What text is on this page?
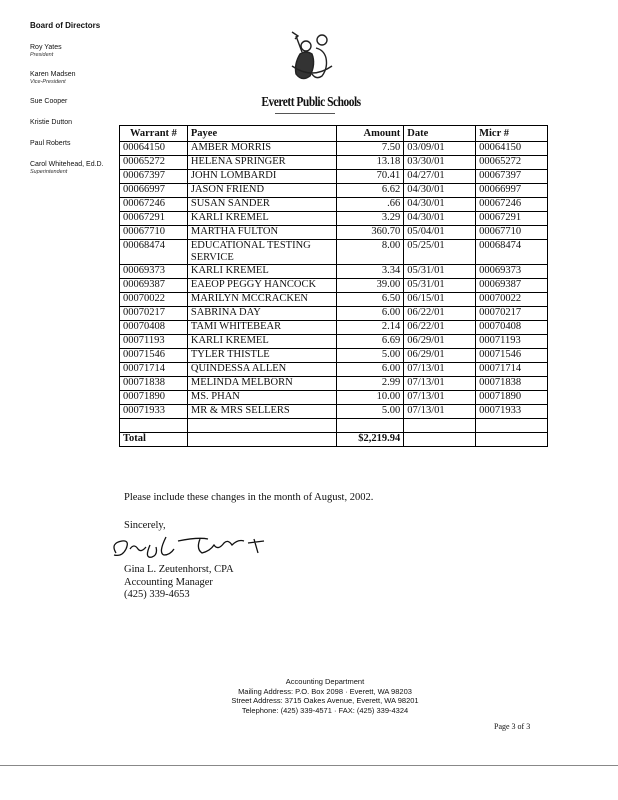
Board of Directors
Roy Yates
President
Karen Madsen
Vice-President
Sue Cooper
Kristie Dutton
Paul Roberts
Carol Whitehead, Ed.D.
Superintendent
Everett Public Schools
Warrant #	Payee	Amount	Date	Micr #
00064150	AMBER MORRIS	7.50	03/09/01	00064150
00065272	HELENA SPRINGER	13.18	03/30/01	00065272
00067397	JOHN LOMBARDI	70.41	04/27/01	00067397
00066997	JASON FRIEND	6.62	04/30/01	00066997
00067246	SUSAN SANDER	.66	04/30/01	00067246
00067291	KARLI KREMEL	3.29	04/30/01	00067291
00067710	MARTHA FULTON	360.70	05/04/01	00067710
00068474	EDUCATIONAL TESTING SERVICE	8.00	05/25/01	00068474
00069373	KARLI KREMEL	3.34	05/31/01	00069373
00069387	EAEOP PEGGY HANCOCK	39.00	05/31/01	00069387
00070022	MARILYN MCCRACKEN	6.50	06/15/01	00070022
00070217	SABRINA DAY	6.00	06/22/01	00070217
00070408	TAMI WHITEBEAR	2.14	06/22/01	00070408
00071193	KARLI KREMEL	6.69	06/29/01	00071193
00071546	TYLER THISTLE	5.00	06/29/01	00071546
00071714	QUINDESSA ALLEN	6.00	07/13/01	00071714
00071838	MELINDA MELBORN	2.99	07/13/01	00071838
00071890	MS. PHAN	10.00	07/13/01	00071890
00071933	MR & MRS SELLERS	5.00	07/13/01	00071933

Total		$2,219.94		
Please include these changes in the month of August, 2002.
Sincerely,
Gina L. Zeutenhorst, CPA
Accounting Manager
(425) 339-4653
Accounting Department
Mailing Address: P.O. Box 2098 · Everett, WA 98203
Street Address: 3715 Oakes Avenue, Everett, WA 98201
Telephone: (425) 339-4571 · FAX: (425) 339-4324
Page 3 of 3
